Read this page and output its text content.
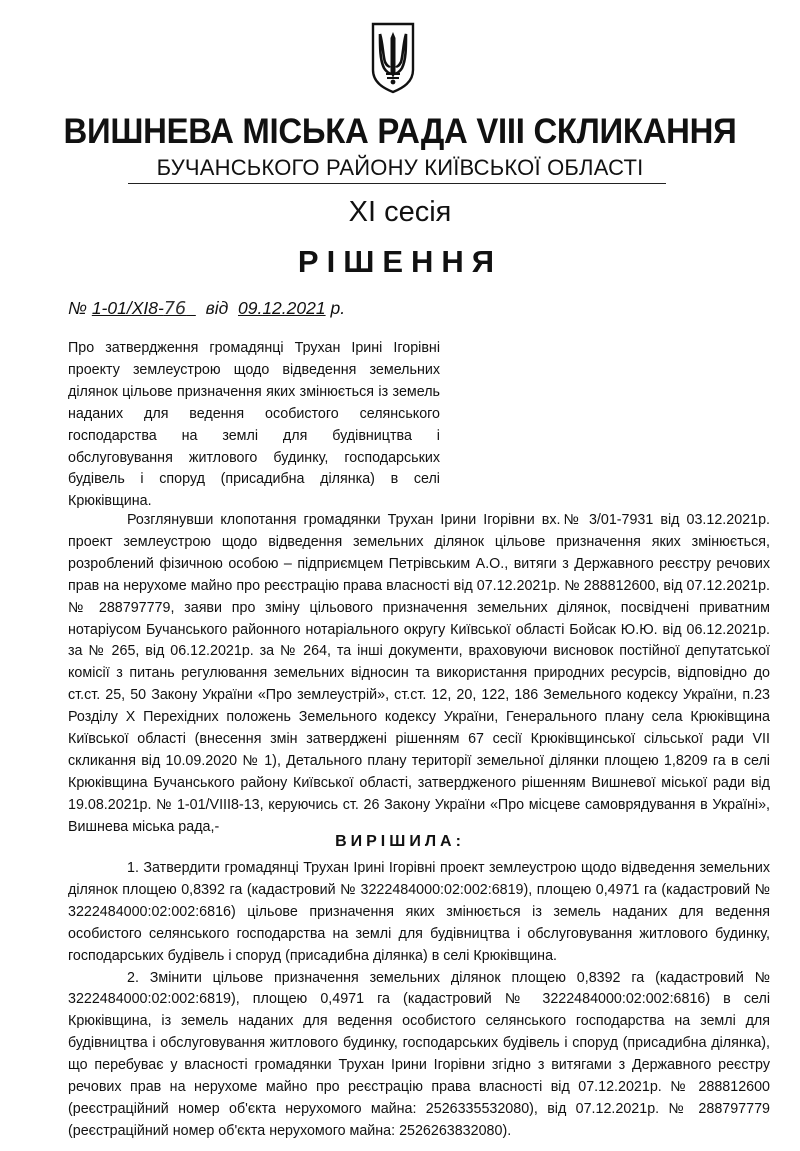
ВИШНЕВА МІСЬКА РАДА VIII СКЛИКАННЯ
БУЧАНСЬКОГО РАЙОНУ КИЇВСЬКОЇ ОБЛАСТІ
XI сесія
РІШЕННЯ
№ 1-01/XI8-76 від 09.12.2021 р.
Про затвердження громадянці Трухан Ірині Ігорівні проекту землеустрою щодо відведення земельних ділянок цільове призначення яких змінюється із земель наданих для ведення особистого селянського господарства на землі для будівництва і обслуговування житлового будинку, господарських будівель і споруд (присадибна ділянка) в селі Крюківщина.
Розглянувши клопотання громадянки Трухан Ірини Ігорівни вх.№ 3/01-7931 від 03.12.2021р. проект землеустрою щодо відведення земельних ділянок цільове призначення яких змінюється, розроблений фізичною особою – підприємцем Петрівським А.О., витяги з Державного реєстру речових прав на нерухоме майно про реєстрацію права власності від 07.12.2021р. № 288812600, від 07.12.2021р. № 288797779, заяви про зміну цільового призначення земельних ділянок, посвідчені приватним нотаріусом Бучанського районного нотаріального округу Київської області Бойсак Ю.Ю. від 06.12.2021р. за № 265, від 06.12.2021р. за № 264, та інші документи, враховуючи висновок постійної депутатської комісії з питань регулювання земельних відносин та використання природних ресурсів, відповідно до ст.ст. 25, 50 Закону України «Про землеустрій», ст.ст. 12, 20, 122, 186 Земельного кодексу України, п.23 Розділу X Перехідних положень Земельного кодексу України, Генерального плану села Крюківщина Київської області (внесення змін затверджені рішенням 67 сесії Крюківщинської сільської ради VII скликання від 10.09.2020 № 1), Детального плану території земельної ділянки площею 1,8209 га в селі Крюківщина Бучанського району Київської області, затвердженого рішенням Вишневої міської ради від 19.08.2021р. № 1-01/VIII8-13, керуючись ст. 26 Закону України «Про місцеве самоврядування в Україні», Вишнева міська рада,-
ВИРІШИЛА:

1. Затвердити громадянці Трухан Ірині Ігорівні проект землеустрою щодо відведення земельних ділянок площею 0,8392 га (кадастровий № 3222484000:02:002:6819), площею 0,4971 га (кадастровий № 3222484000:02:002:6816) цільове призначення яких змінюється із земель наданих для ведення особистого селянського господарства на землі для будівництва і обслуговування житлового будинку, господарських будівель і споруд (присадибна ділянка) в селі Крюківщина.

2. Змінити цільове призначення земельних ділянок площею 0,8392 га (кадастровий № 3222484000:02:002:6819), площею 0,4971 га (кадастровий № 3222484000:02:002:6816) в селі Крюківщина, із земель наданих для ведення особистого селянського господарства на землі для будівництва і обслуговування житлового будинку, господарських будівель і споруд (присадибна ділянка), що перебуває у власності громадянки Трухан Ірини Ігорівни згідно з витягами з Державного реєстру речових прав на нерухоме майно про реєстрацію права власності від 07.12.2021р. № 288812600 (реєстраційний номер об'єкта нерухомого майна: 2526335532080), від 07.12.2021р. № 288797779 (реєстраційний номер об'єкта нерухомого майна: 2526263832080).
